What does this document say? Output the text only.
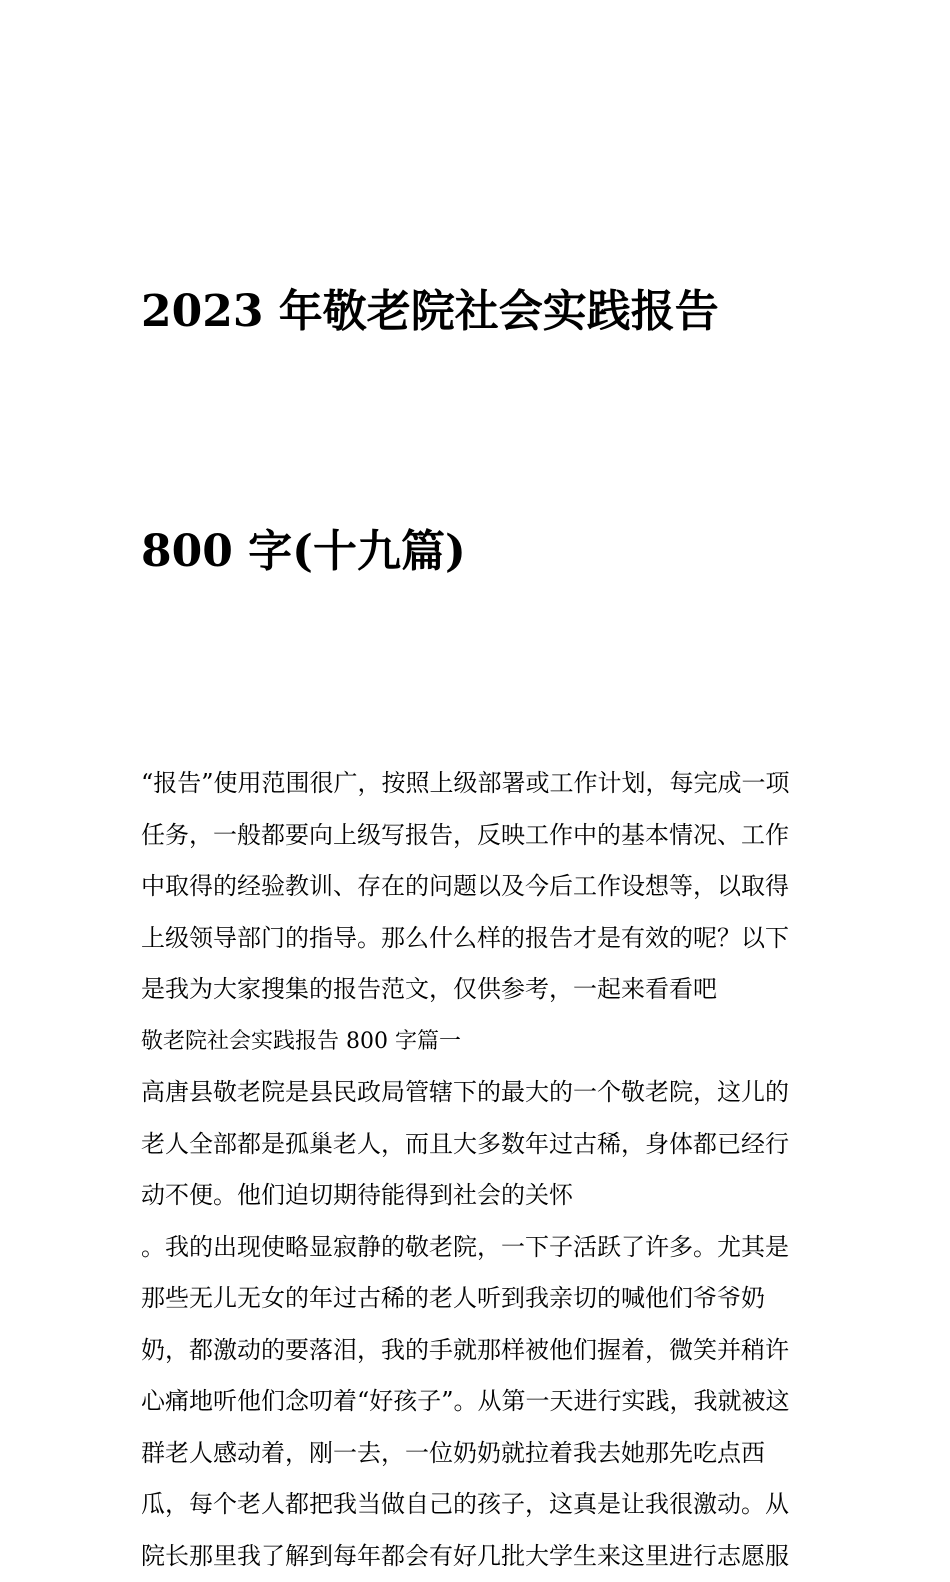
2023 年敬老院社会实践报告

800 字(十九篇)

“报告”使用范围很广，按照上级部署或工作计划，每完成一项
任务，一般都要向上级写报告，反映工作中的基本情况、工作
中取得的经验教训、存在的问题以及今后工作设想等，以取得
上级领导部门的指导。那么什么样的报告才是有效的呢？以下
是我为大家搜集的报告范文，仅供参考，一起来看看吧
敬老院社会实践报告 800 字篇一
高唐县敬老院是县民政局管辖下的最大的一个敬老院，这儿的
老人全部都是孤巢老人，而且大多数年过古稀，身体都已经行
动不便。他们迫切期待能得到社会的关怀
。我的出现使略显寂静的敬老院，一下子活跃了许多。尤其是
那些无儿无女的年过古稀的老人听到我亲切的喊他们爷爷奶
奶，都激动的要落泪，我的手就那样被他们握着，微笑并稍许
心痛地听他们念叨着“好孩子”。从第一天进行实践，我就被这
群老人感动着，刚一去，一位奶奶就拉着我去她那先吃点西
瓜，每个老人都把我当做自己的孩子，这真是让我很激动。从
院长那里我了解到每年都会有好几批大学生来这里进行志愿服
